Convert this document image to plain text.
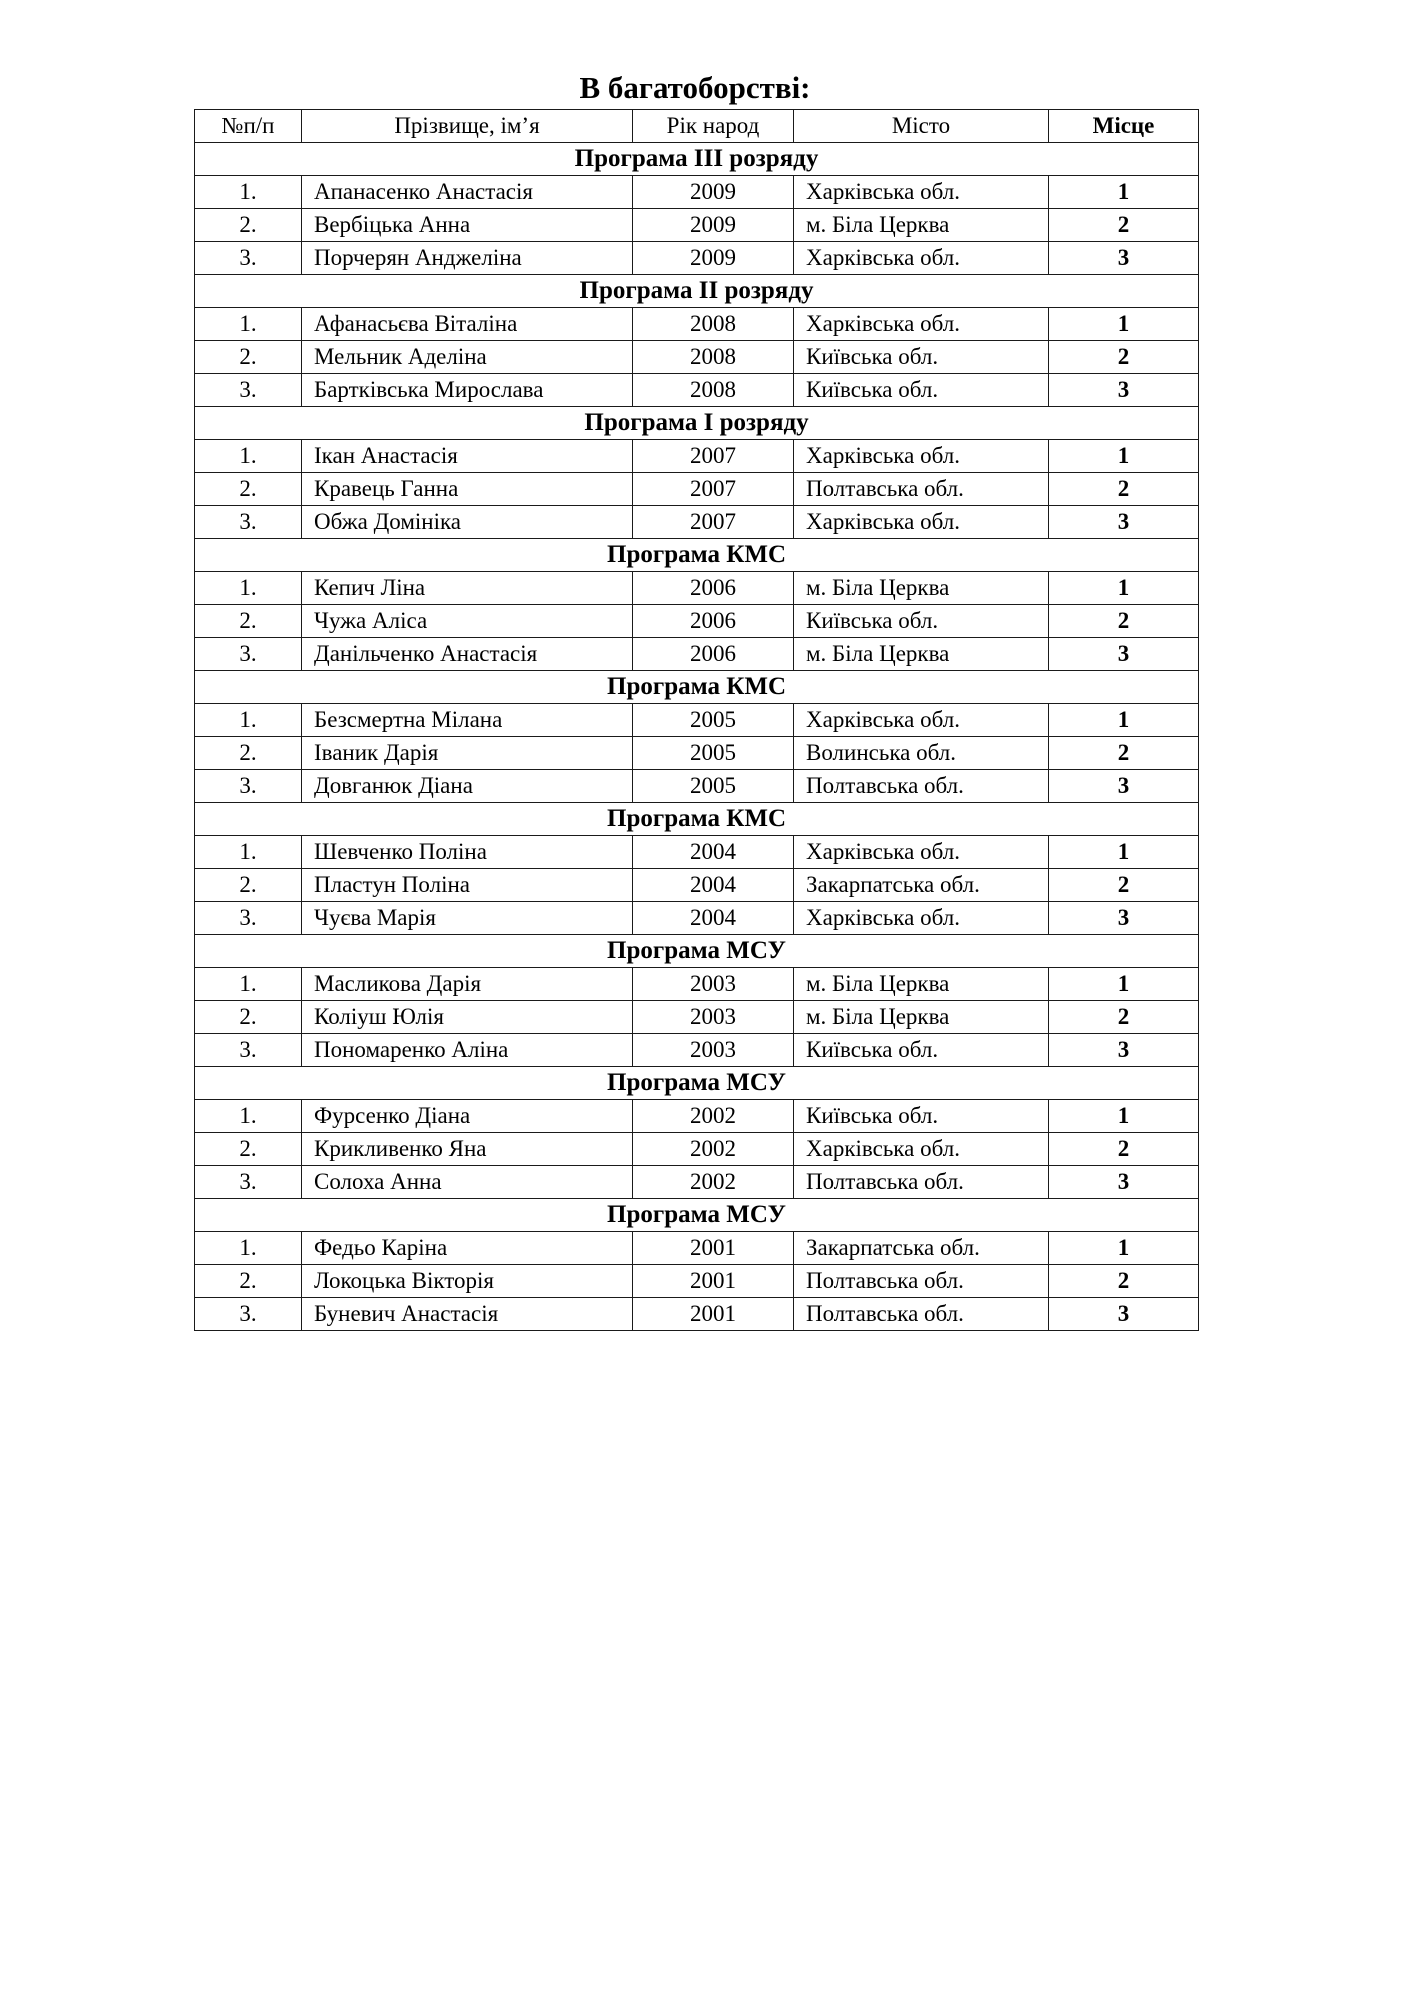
В багатоборстві:
№п/п	Прізвище, ім’я	Рік народ	Місто	Місце
Програма ІІІ розряду				
1.	Апанасенко Анастасія	2009	Харківська обл.	1
2.	Вербіцька Анна	2009	м. Біла Церква	2
3.	Порчерян Анджеліна	2009	Харківська обл.	3
Програма ІІ розряду				
1.	Афанасьєва Віталіна	2008	Харківська обл.	1
2.	Мельник Аделіна	2008	Київська обл.	2
3.	Бартківська Мирослава	2008	Київська обл.	3
Програма І розряду				
1.	Ікан Анастасія	2007	Харківська обл.	1
2.	Кравець Ганна	2007	Полтавська обл.	2
3.	Обжа Домініка	2007	Харківська обл.	3
Програма КМС				
1.	Кепич Ліна	2006	м. Біла Церква	1
2.	Чужа Аліса	2006	Київська обл.	2
3.	Данільченко Анастасія	2006	м. Біла Церква	3
Програма КМС				
1.	Безсмертна Мілана	2005	Харківська обл.	1
2.	Іваник Дарія	2005	Волинська обл.	2
3.	Довганюк Діана	2005	Полтавська обл.	3
Програма КМС				
1.	Шевченко Поліна	2004	Харківська обл.	1
2.	Пластун Поліна	2004	Закарпатська обл.	2
3.	Чуєва Марія	2004	Харківська обл.	3
Програма МСУ				
1.	Масликова Дарія	2003	м. Біла Церква	1
2.	Коліуш Юлія	2003	м. Біла Церква	2
3.	Пономаренко Аліна	2003	Київська обл.	3
Програма МСУ				
1.	Фурсенко Діана	2002	Київська обл.	1
2.	Крикливенко Яна	2002	Харківська обл.	2
3.	Солоха Анна	2002	Полтавська обл.	3
Програма МСУ				
1.	Федьо Каріна	2001	Закарпатська обл.	1
2.	Локоцька Вікторія	2001	Полтавська обл.	2
3.	Буневич Анастасія	2001	Полтавська обл.	3
